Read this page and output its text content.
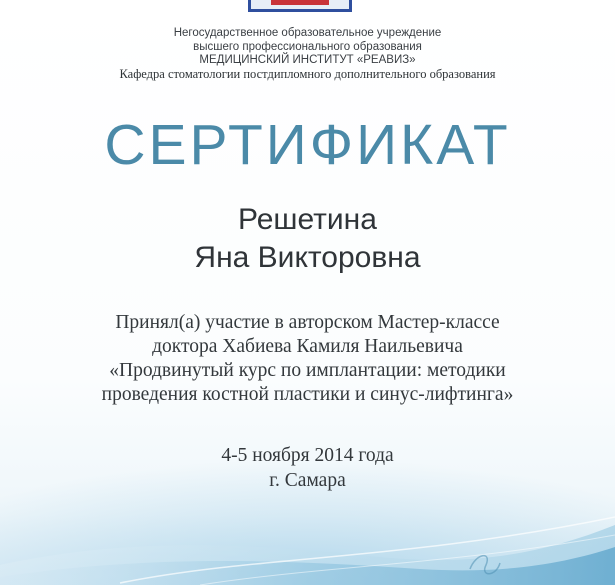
Негосударственное образовательное учреждение
высшего профессионального образования
МЕДИЦИНСКИЙ ИНСТИТУТ «РЕАВИЗ»
Кафедра стоматологии постдипломного дополнительного образования
СЕРТИФИКАТ
Решетина
Яна Викторовна
Принял(а) участие в авторском Мастер-классе
доктора Хабиева Камиля Наильевича
«Продвинутый курс по имплантации: методики
проведения костной пластики и синус-лифтинга»
4-5 ноября 2014 года
г. Самара
